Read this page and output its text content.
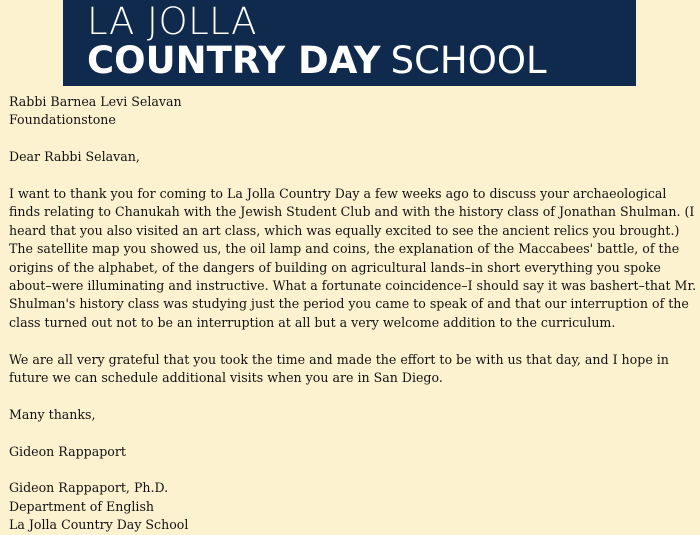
LA JOLLA
COUNTRY DAY SCHOOL

Rabbi Barnea Levi Selavan
Foundationstone

Dear Rabbi Selavan,

I want to thank you for coming to La Jolla Country Day a few weeks ago to discuss your archaeological finds relating to Chanukah with the Jewish Student Club and with the history class of Jonathan Shulman. (I heard that you also visited an art class, which was equally excited to see the ancient relics you brought.) The satellite map you showed us, the oil lamp and coins, the explanation of the Maccabees' battle, of the origins of the alphabet, of the dangers of building on agricultural lands–in short everything you spoke about–were illuminating and instructive. What a fortunate coincidence–I should say it was bashert–that Mr. Shulman's history class was studying just the period you came to speak of and that our interruption of the class turned out not to be an interruption at all but a very welcome addition to the curriculum.

We are all very grateful that you took the time and made the effort to be with us that day, and I hope in future we can schedule additional visits when you are in San Diego.

Many thanks,

Gideon Rappaport

Gideon Rappaport, Ph.D.
Department of English
La Jolla Country Day School
